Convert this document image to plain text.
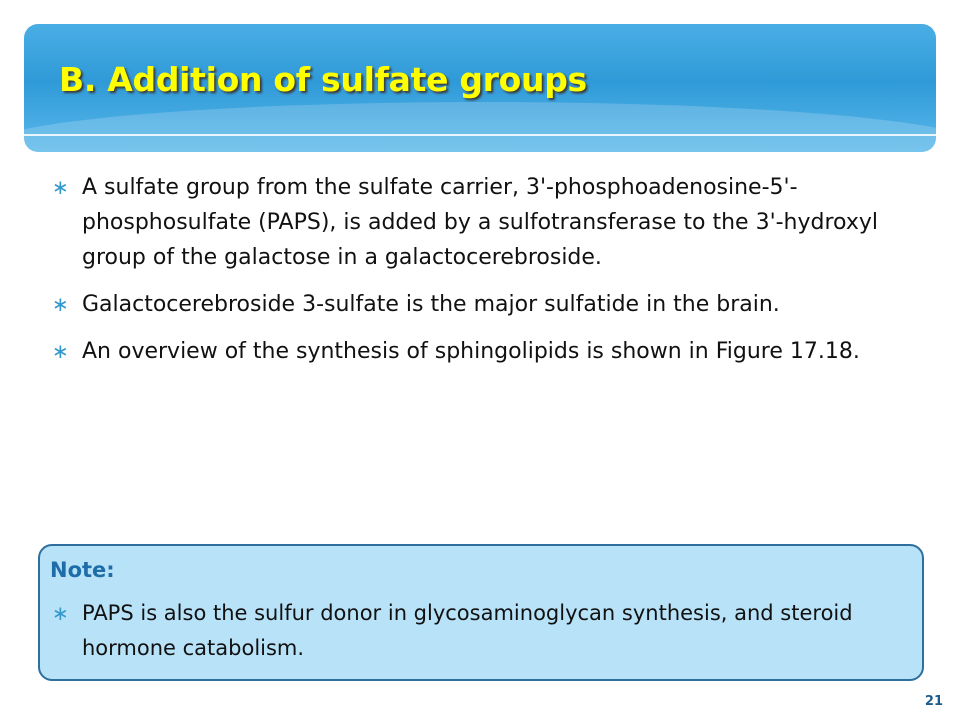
B. Addition of sulfate groups
∗ A sulfate group from the sulfate carrier, 3'-phosphoadenosine-5'-phosphosulfate (PAPS), is added by a sulfotransferase to the 3'-hydroxyl group of the galactose in a galactocerebroside.
∗ Galactocerebroside 3-sulfate is the major sulfatide in the brain.
∗ An overview of the synthesis of sphingolipids is shown in Figure 17.18.
Note:
∗ PAPS is also the sulfur donor in glycosaminoglycan synthesis, and steroid hormone catabolism.
21
